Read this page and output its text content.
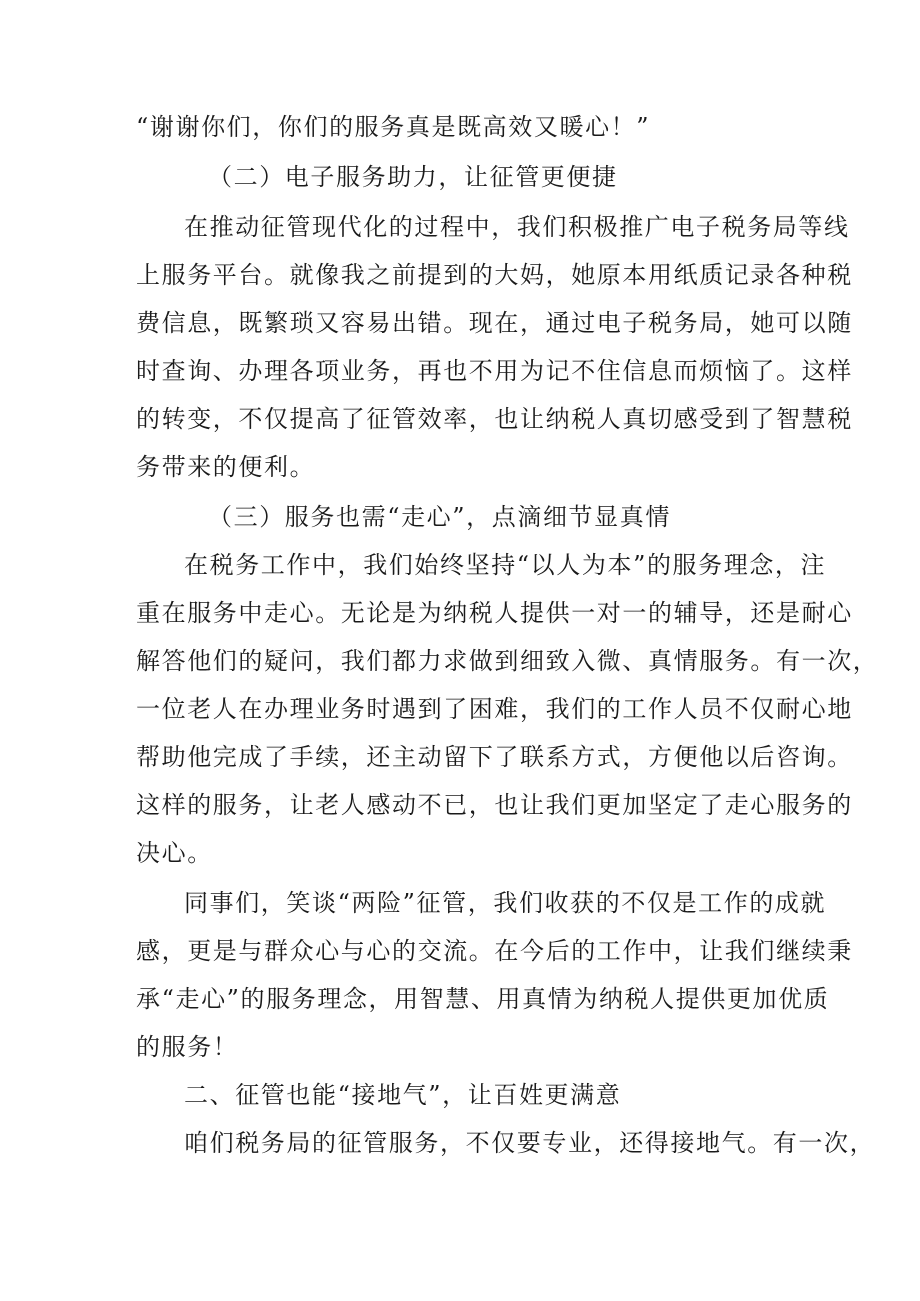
“谢谢你们，你们的服务真是既高效又暖心！”
（二）电子服务助力，让征管更便捷
在推动征管现代化的过程中，我们积极推广电子税务局等线
上服务平台。就像我之前提到的大妈，她原本用纸质记录各种税
费信息，既繁琐又容易出错。现在，通过电子税务局，她可以随
时查询、办理各项业务，再也不用为记不住信息而烦恼了。这样
的转变，不仅提高了征管效率，也让纳税人真切感受到了智慧税
务带来的便利。
（三）服务也需“走心”，点滴细节显真情
在税务工作中，我们始终坚持“以人为本”的服务理念，注
重在服务中走心。无论是为纳税人提供一对一的辅导，还是耐心
解答他们的疑问，我们都力求做到细致入微、真情服务。有一次，
一位老人在办理业务时遇到了困难，我们的工作人员不仅耐心地
帮助他完成了手续，还主动留下了联系方式，方便他以后咨询。
这样的服务，让老人感动不已，也让我们更加坚定了走心服务的
决心。
同事们，笑谈“两险”征管，我们收获的不仅是工作的成就
感，更是与群众心与心的交流。在今后的工作中，让我们继续秉
承“走心”的服务理念，用智慧、用真情为纳税人提供更加优质
的服务！
二、征管也能“接地气”，让百姓更满意
咱们税务局的征管服务，不仅要专业，还得接地气。有一次，
